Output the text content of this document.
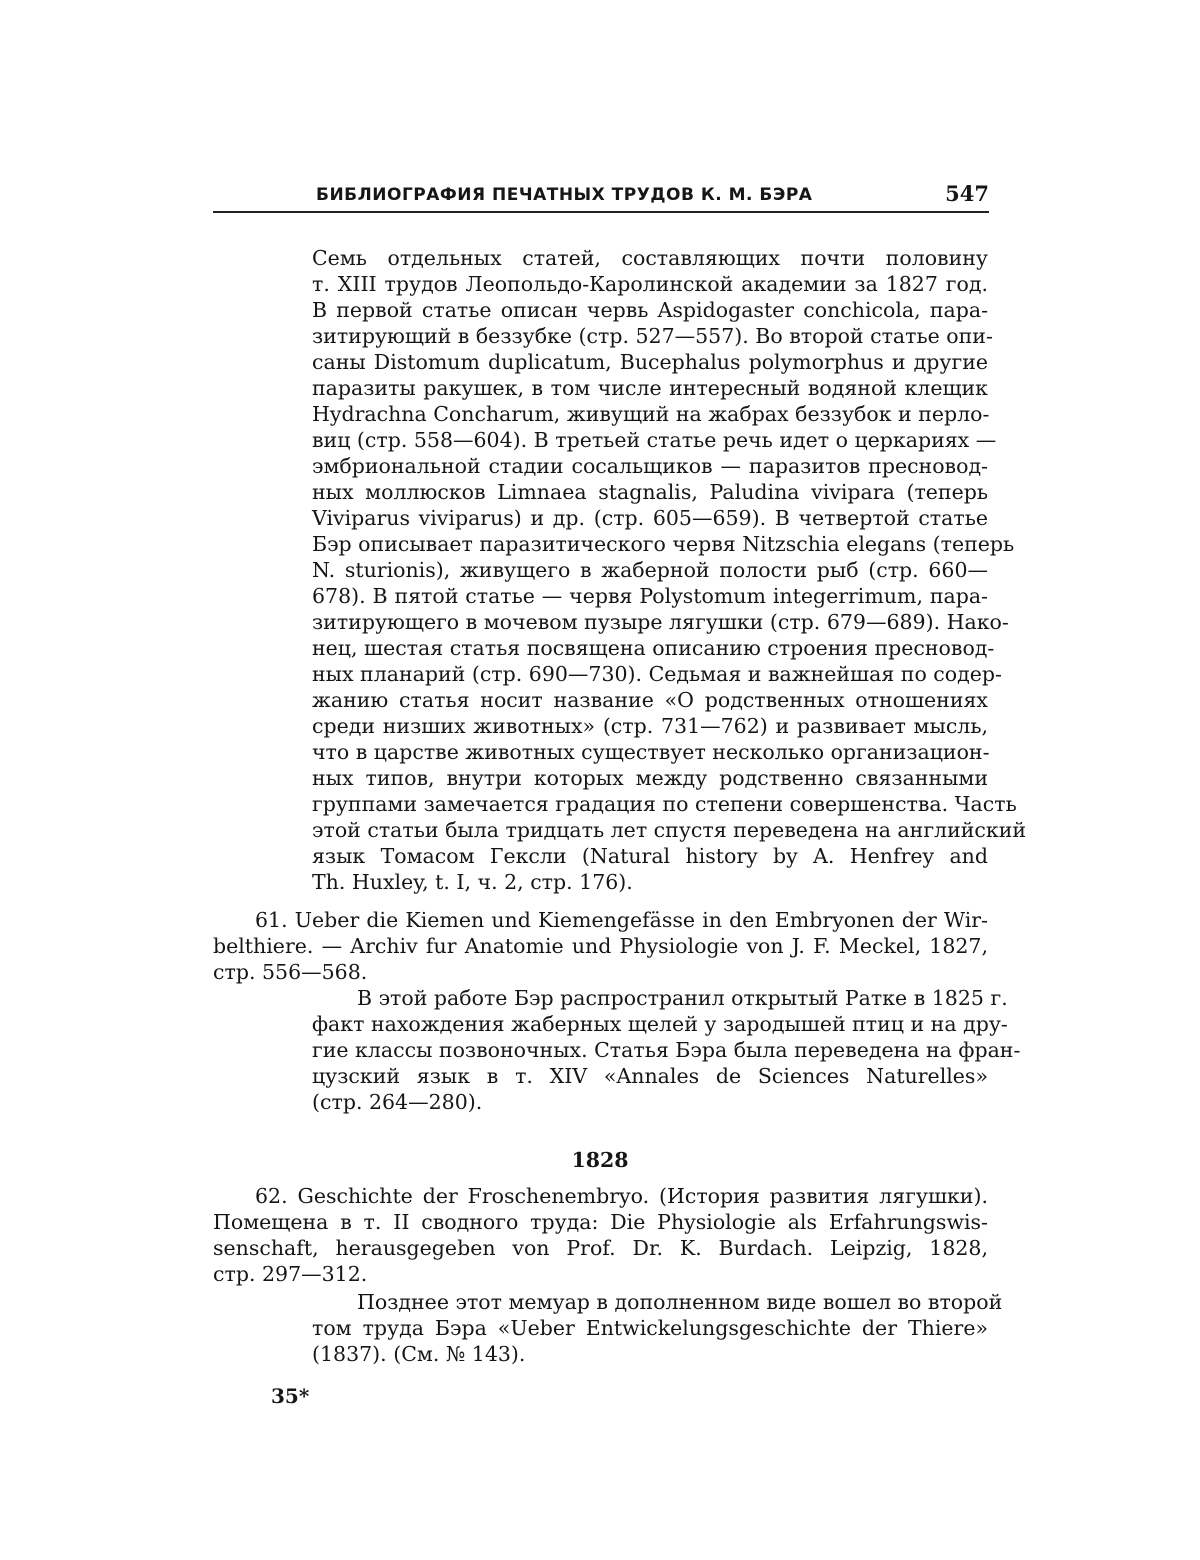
БИБЛИОГРАФИЯ ПЕЧАТНЫХ ТРУДОВ К. М. БЭРА	547
Семь отдельных статей, составляющих почти половину
т. XIII трудов Леопольдо-Каролинской академии за 1827 год.
В первой статье описан червь Aspidogaster conchicola, пара-
зитирующий в беззубке (стр. 527—557). Во второй статье опи-
саны Distomum duplicatum, Bucephalus polymorphus и другие
паразиты ракушек, в том числе интересный водяной клещик
Hydrachna Concharum, живущий на жабрах беззубок и перло-
виц (стр. 558—604). В третьей статье речь идет о церкариях —
эмбриональной стадии сосальщиков — паразитов пресновод-
ных моллюсков Limnaea stagnalis, Paludina vivipara (теперь
Viviparus viviparus) и др. (стр. 605—659). В четвертой статье
Бэр описывает паразитического червя Nitzschia elegans (теперь
N. sturionis), живущего в жаберной полости рыб (стр. 660—
678). В пятой статье — червя Polystomum integerrimum, пара-
зитирующего в мочевом пузыре лягушки (стр. 679—689). Нако-
нец, шестая статья посвящена описанию строения пресновод-
ных планарий (стр. 690—730). Седьмая и важнейшая по содер-
жанию статья носит название «О родственных отношениях
среди низших животных» (стр. 731—762) и развивает мысль,
что в царстве животных существует несколько организацион-
ных типов, внутри которых между родственно связанными
группами замечается градация по степени совершенства. Часть
этой статьи была тридцать лет спустя переведена на английский
язык Томасом Гексли (Natural history by A. Henfrey and
Th. Huxley, t. I, ч. 2, стр. 176).
61. Ueber die Kiemen und Kiemengefässe in den Embryonen der Wir-
belthiere. — Archiv fur Anatomie und Physiologie von J. F. Meckel, 1827,
стр. 556—568.
В этой работе Бэр распространил открытый Ратке в 1825 г.
факт нахождения жаберных щелей у зародышей птиц и на дру-
гие классы позвоночных. Статья Бэра была переведена на фран-
цузский язык в т. XIV «Annales de Sciences Naturelles»
(стр. 264—280).
1828
62. Geschichte der Froschenembryo. (История развития лягушки).
Помещена в т. II сводного труда: Die Physiologie als Erfahrungswis-
senschaft, herausgegeben von Prof. Dr. K. Burdach. Leipzig, 1828,
стр. 297—312.
Позднее этот мемуар в дополненном виде вошел во второй
том труда Бэра «Ueber Entwickelungsgeschichte der Thiere»
(1837). (См. № 143).
35*
